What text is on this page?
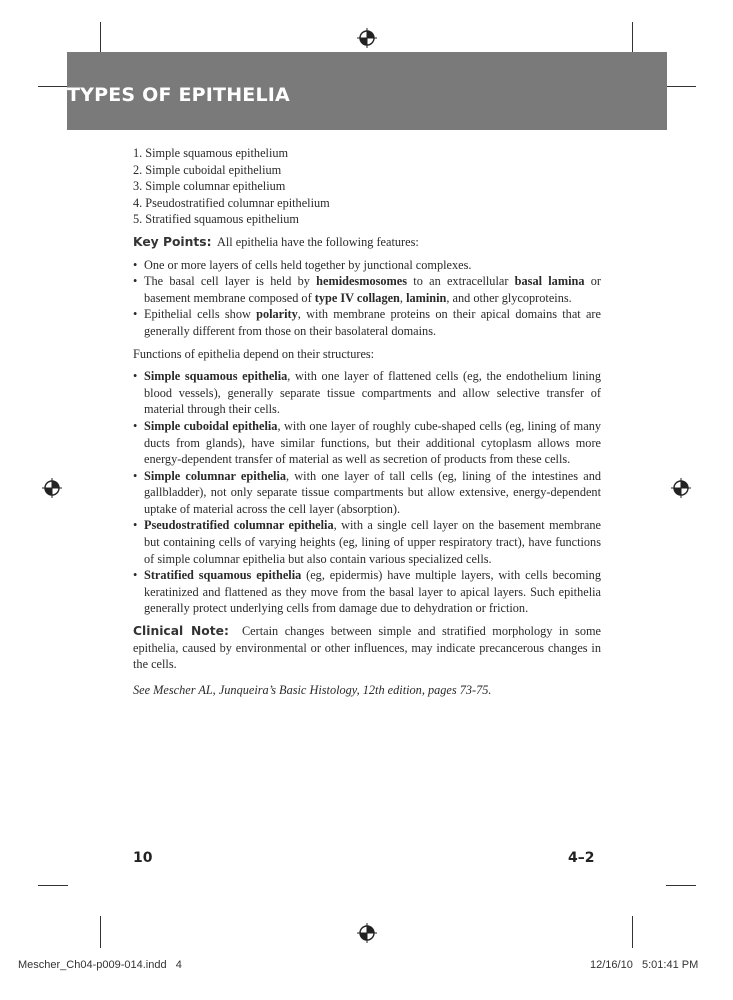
TYPES OF EPITHELIA
1. Simple squamous epithelium
2. Simple cuboidal epithelium
3. Simple columnar epithelium
4. Pseudostratified columnar epithelium
5. Stratified squamous epithelium

Key Points: All epithelia have the following features:

• One or more layers of cells held together by junctional complexes.
• The basal cell layer is held by hemidesmosomes to an extracellular basal lamina or basement membrane composed of type IV collagen, laminin, and other glycoproteins.
• Epithelial cells show polarity, with membrane proteins on their apical domains that are generally different from those on their basolateral domains.

Functions of epithelia depend on their structures:

• Simple squamous epithelia, with one layer of flattened cells (eg, the endothelium lining blood vessels), generally separate tissue compartments and allow selective transfer of material through their cells.
• Simple cuboidal epithelia, with one layer of roughly cube-shaped cells (eg, lining of many ducts from glands), have similar functions, but their additional cytoplasm allows more energy-dependent transfer of material as well as secretion of products from these cells.
• Simple columnar epithelia, with one layer of tall cells (eg, lining of the intestines and gallbladder), not only separate tissue compartments but allow extensive, energy-dependent uptake of material across the cell layer (absorption).
• Pseudostratified columnar epithelia, with a single cell layer on the basement membrane but containing cells of varying heights (eg, lining of upper respiratory tract), have functions of simple columnar epithelia but also contain various specialized cells.
• Stratified squamous epithelia (eg, epidermis) have multiple layers, with cells becoming keratinized and flattened as they move from the basal layer to apical layers. Such epithelia generally protect underlying cells from damage due to dehydration or friction.

Clinical Note: Certain changes between simple and stratified morphology in some epithelia, caused by environmental or other influences, may indicate precancerous changes in the cells.

See Mescher AL, Junqueira’s Basic Histology, 12th edition, pages 73-75.

10	4–2
Mescher_Ch04-p009-014.indd   4	12/16/10   5:01:41 PM
